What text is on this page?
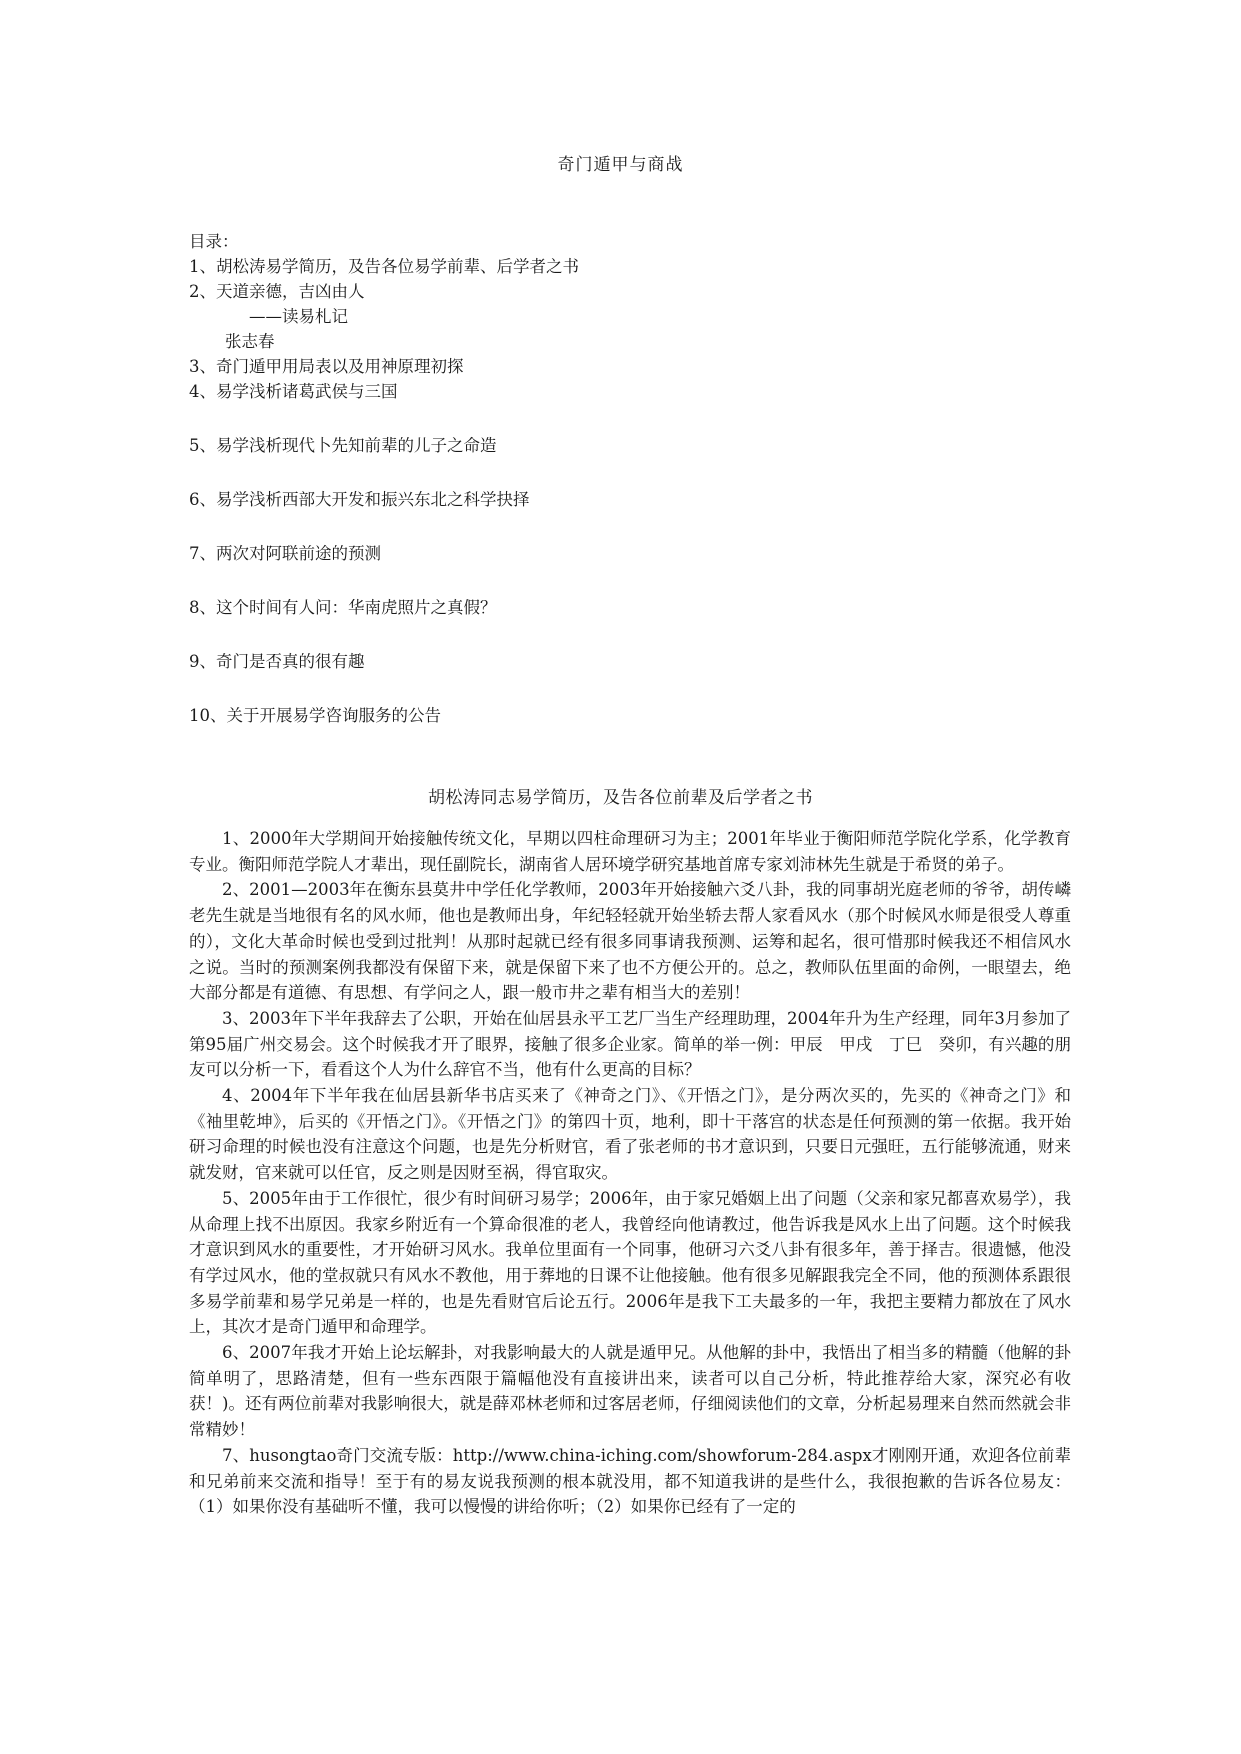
奇门遁甲与商战
目录：
1、胡松涛易学简历，及告各位易学前辈、后学者之书
2、天道亲德，吉凶由人
——读易札记
张志春
3、奇门遁甲用局表以及用神原理初探
4、易学浅析诸葛武侯与三国
5、易学浅析现代卜先知前辈的儿子之命造
6、易学浅析西部大开发和振兴东北之科学抉择
7、两次对阿联前途的预测
8、这个时间有人问：华南虎照片之真假？
9、奇门是否真的很有趣
10、关于开展易学咨询服务的公告
胡松涛同志易学简历，及告各位前辈及后学者之书

1、2000年大学期间开始接触传统文化，早期以四柱命理研习为主；2001年毕业于衡阳师范学院化学系，化学教育专业。衡阳师范学院人才辈出，现任副院长，湖南省人居环境学研究基地首席专家刘沛林先生就是于希贤的弟子。

2、2001—2003年在衡东县莫井中学任化学教师，2003年开始接触六爻八卦，我的同事胡光庭老师的爷爷，胡传嶙老先生就是当地很有名的风水师，他也是教师出身，年纪轻轻就开始坐轿去帮人家看风水（那个时候风水师是很受人尊重的），文化大革命时候也受到过批判！从那时起就已经有很多同事请我预测、运筹和起名，很可惜那时候我还不相信风水之说。当时的预测案例我都没有保留下来，就是保留下来了也不方便公开的。总之，教师队伍里面的命例，一眼望去，绝大部分都是有道德、有思想、有学问之人，跟一般市井之辈有相当大的差别！

3、2003年下半年我辞去了公职，开始在仙居县永平工艺厂当生产经理助理，2004年升为生产经理，同年3月参加了第95届广州交易会。这个时候我才开了眼界，接触了很多企业家。简单的举一例：甲辰　甲戌　丁巳　癸卯，有兴趣的朋友可以分析一下，看看这个人为什么辞官不当，他有什么更高的目标？

4、2004年下半年我在仙居县新华书店买来了《神奇之门》、《开悟之门》，是分两次买的，先买的《神奇之门》和《袖里乾坤》，后买的《开悟之门》。《开悟之门》的第四十页，地利，即十干落宫的状态是任何预测的第一依据。我开始研习命理的时候也没有注意这个问题，也是先分析财官，看了张老师的书才意识到，只要日元强旺，五行能够流通，财来就发财，官来就可以任官，反之则是因财至祸，得官取灾。

5、2005年由于工作很忙，很少有时间研习易学；2006年，由于家兄婚姻上出了问题（父亲和家兄都喜欢易学），我从命理上找不出原因。我家乡附近有一个算命很准的老人，我曾经向他请教过，他告诉我是风水上出了问题。这个时候我才意识到风水的重要性，才开始研习风水。我单位里面有一个同事，他研习六爻八卦有很多年，善于择吉。很遗憾，他没有学过风水，他的堂叔就只有风水不教他，用于葬地的日课不让他接触。他有很多见解跟我完全不同，他的预测体系跟很多易学前辈和易学兄弟是一样的，也是先看财官后论五行。2006年是我下工夫最多的一年，我把主要精力都放在了风水上，其次才是奇门遁甲和命理学。

6、2007年我才开始上论坛解卦，对我影响最大的人就是遁甲兄。从他解的卦中，我悟出了相当多的精髓（他解的卦简单明了，思路清楚，但有一些东西限于篇幅他没有直接讲出来，读者可以自己分析，特此推荐给大家，深究必有收获！)。还有两位前辈对我影响很大，就是薛邓林老师和过客居老师，仔细阅读他们的文章，分析起易理来自然而然就会非常精妙！

7、husongtao奇门交流专版：http://www.china-iching.com/showforum-284.aspx才刚刚开通，欢迎各位前辈和兄弟前来交流和指导！至于有的易友说我预测的根本就没用，都不知道我讲的是些什么，我很抱歉的告诉各位易友：（1）如果你没有基础听不懂，我可以慢慢的讲给你听；（2）如果你已经有了一定的
